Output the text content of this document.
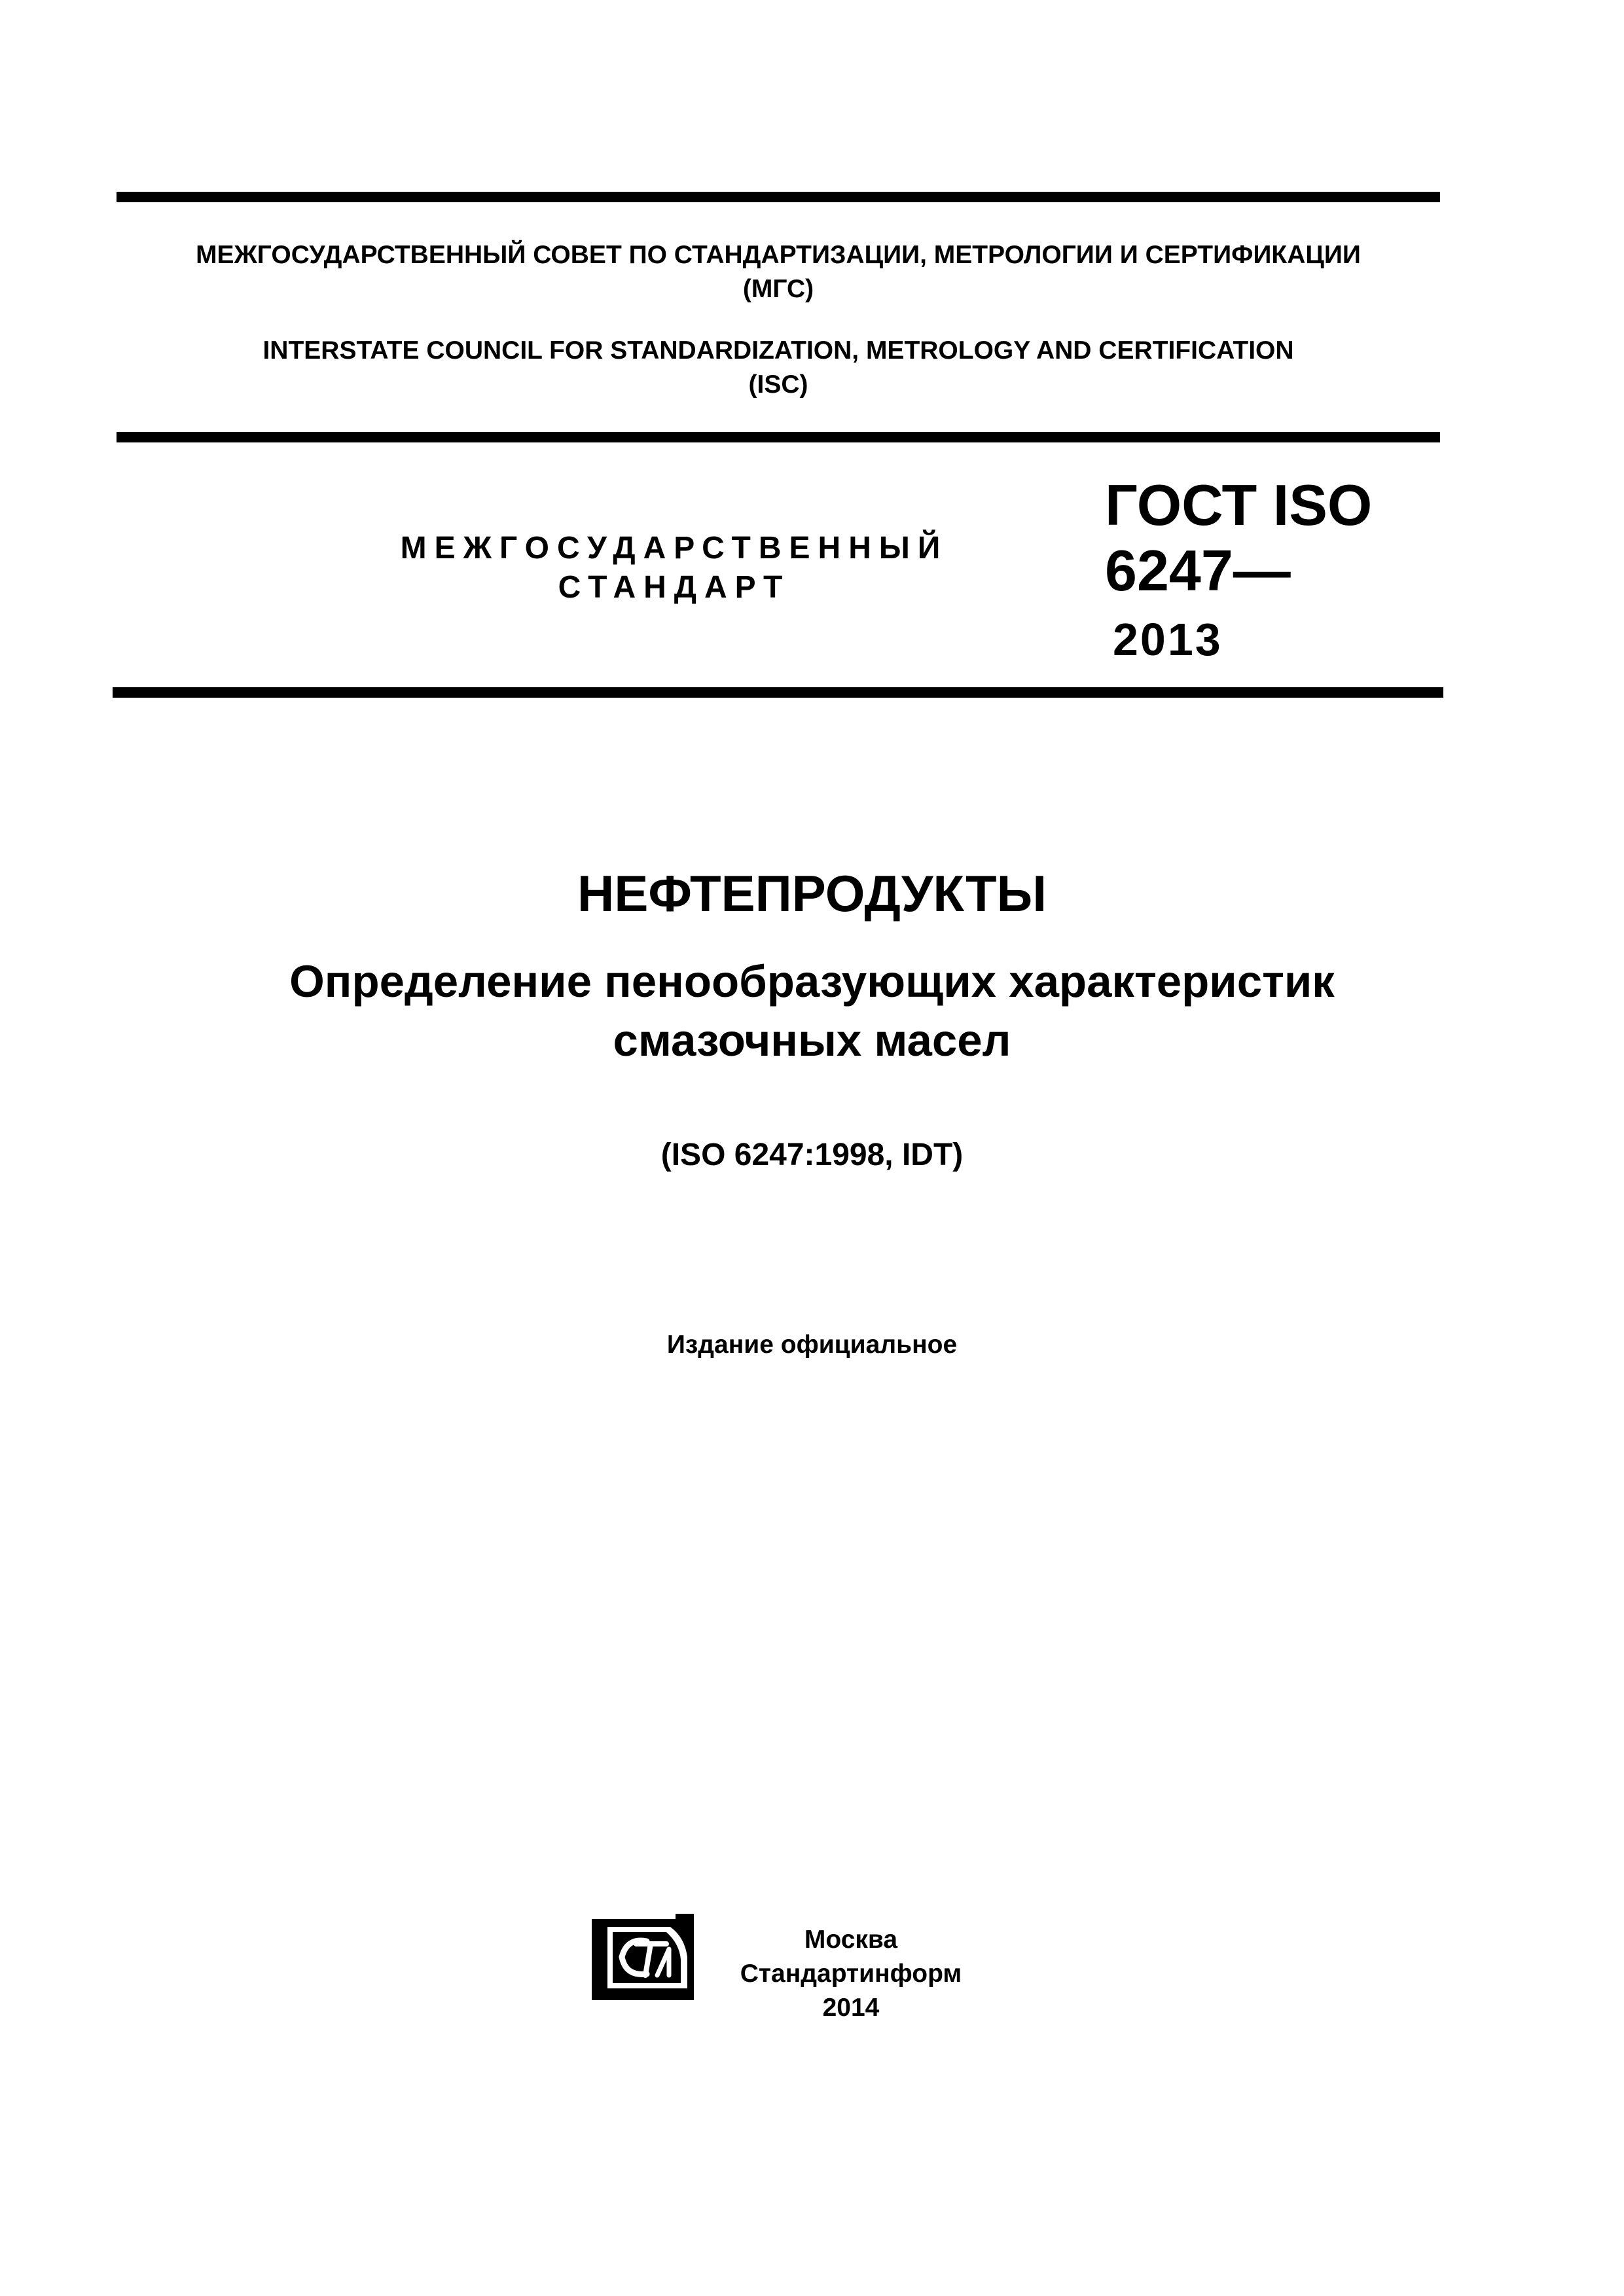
МЕЖГОСУДАРСТВЕННЫЙ СОВЕТ ПО СТАНДАРТИЗАЦИИ, МЕТРОЛОГИИ И СЕРТИФИКАЦИИ
(МГС)
INTERSTATE COUNCIL FOR STANDARDIZATION, METROLOGY AND CERTIFICATION
(ISC)
МЕЖГОСУДАРСТВЕННЫЙ
СТАНДАРТ
ГОСТ ISO
6247—
2013
НЕФТЕПРОДУКТЫ
Определение пенообразующих характеристик
смазочных масел
(ISO 6247:1998, IDT)
Издание официальное
Москва
Стандартинформ
2014
